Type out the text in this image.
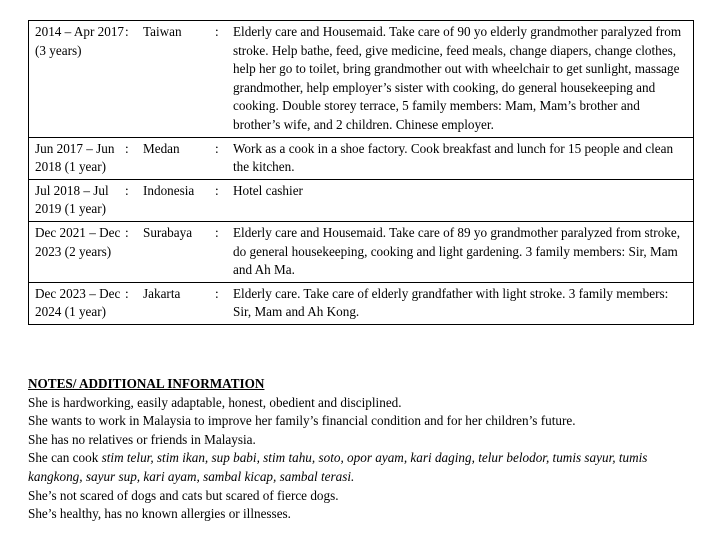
2014 – Apr 2017 (3 years)
:	Taiwan	:	Elderly care and Housemaid. Take care of 90 yo elderly grandmother paralyzed from stroke. Help bathe, feed, give medicine, feed meals, change diapers, change clothes, help her go to toilet, bring grandmother out with wheelchair to get sunlight, massage grandmother, help employer’s sister with cooking, do general housekeeping and cooking. Double storey terrace, 5 family members: Mam, Mam’s brother and brother’s wife, and 2 children. Chinese employer.

Jun 2017 – Jun 2018 (1 year)
:	Medan	:	Work as a cook in a shoe factory. Cook breakfast and lunch for 15 people and clean the kitchen.

Jul 2018 – Jul 2019 (1 year)
:	Indonesia	:	Hotel cashier

Dec 2021 – Dec 2023 (2 years)
:	Surabaya	:	Elderly care and Housemaid. Take care of 89 yo grandmother paralyzed from stroke, do general housekeeping, cooking and light gardening. 3 family members: Sir, Mam and Ah Ma.

Dec 2023 – Dec 2024 (1 year)
:	Jakarta	:	Elderly care. Take care of elderly grandfather with light stroke. 3 family members: Sir, Mam and Ah Kong.

NOTES/ ADDITIONAL INFORMATION

She is hardworking, easily adaptable, honest, obedient and disciplined.

She wants to work in Malaysia to improve her family’s financial condition and for her children’s future.

She has no relatives or friends in Malaysia.

She can cook stim telur, stim ikan, sup babi, stim tahu, soto, opor ayam, kari daging, telur belodor, tumis sayur, tumis kangkong, sayur sup, kari ayam, sambal kicap, sambal terasi.

She’s not scared of dogs and cats but scared of fierce dogs.

She’s healthy, has no known allergies or illnesses.
